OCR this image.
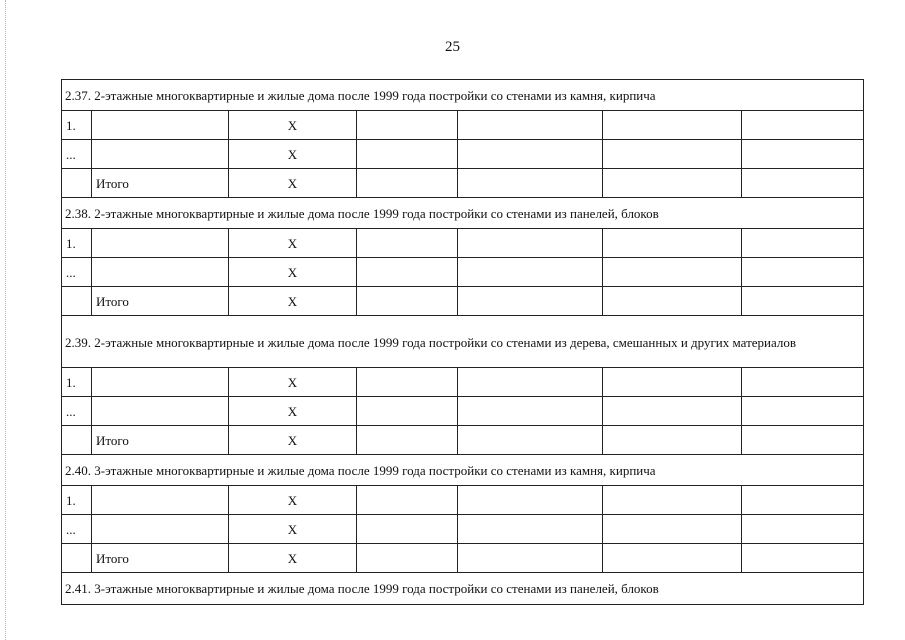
25
2.37. 2-этажные многоквартирные и жилые дома после 1999 года постройки со стенами из камня, кирпича						
1.		X				
...		X				
	Итого	X				
2.38. 2-этажные многоквартирные и жилые дома после 1999 года постройки со стенами из панелей, блоков						
1.		X				
...		X				
	Итого	X				
2.39. 2-этажные многоквартирные и жилые дома после 1999 года постройки со стенами из дерева, смешанных и других материалов						
1.		X				
...		X				
	Итого	X				
2.40. 3-этажные многоквартирные и жилые дома после 1999 года постройки со стенами из камня, кирпича						
1.		X				
...		X				
	Итого	X				
2.41. 3-этажные многоквартирные и жилые дома после 1999 года постройки со стенами из панелей, блоков						
